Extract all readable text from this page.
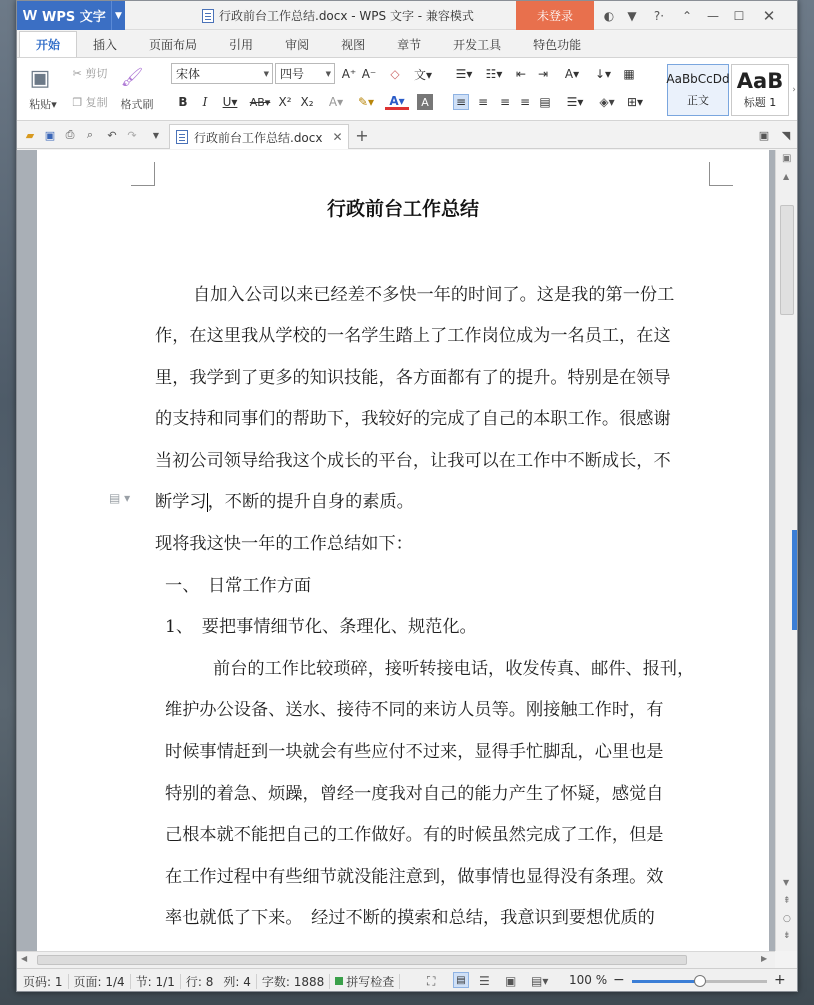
W WPS 文字	▼	行政前台工作总结.docx - WPS 文字 - 兼容模式	未登录	◐	▼	?·	⌃	—	☐	✕
开始	插入	页面布局	引用	审阅	视图	章节	开发工具	特色功能
▣
粘贴 ▾
✂ 剪切
❐ 复制
🖌
格式刷
宋体	▼ 四号	▼ A⁺ A⁻ ◇ 文▾
B	I	U▾	AB▾ X² X₂	A▾	✎▾	A▾	A
☰▾	☷▾	⇤ ⇥	A▾	↓▾ ▦
≡ ≡ ≡ ≡ ▤	☰▾	◈▾	⊞▾
AaBbCcDd
正文
AaB
标题 1
›
▰ ▣ ⎙	⌕	↶ ↷	▼	行政前台工作总结.docx ✕ +	▣ ◥
行政前台工作总结
自加入公司以来已经差不多快一年的时间了。这是我的第一份工
作，在这里我从学校的一名学生踏上了工作岗位成为一名员工，在这
里，我学到了更多的知识技能，各方面都有了的提升。特别是在领导
的支持和同事们的帮助下，我较好的完成了自己的本职工作。很感谢
当初公司领导给我这个成长的平台，让我可以在工作中不断成长，不
断学习，不断的提升自身的素质。
现将我这快一年的工作总结如下：
一、　日常工作方面
1、　要把事情细节化、条理化、规范化。
前台的工作比较琐碎，接听转接电话，收发传真、邮件、报刊，
维护办公设备、送水、接待不同的来访人员等。刚接触工作时，有
时候事情赶到一块就会有些应付不过来，显得手忙脚乱，心里也是
特别的着急、烦躁，曾经一度我对自己的能力产生了怀疑，感觉自
己根本就不能把自己的工作做好。有的时候虽然完成了工作，但是
在工作过程中有些细节就没能注意到，做事情也显得没有条理。效
率也就低了下来。　经过不断的摸索和总结，我意识到要想优质的
▤ ▾
▣
▲
▼
⇞
○
⇟
◀	▶
页码: 1 页面: 1/4 节: 1/1 行: 8 列: 4 字数: 1888	拼写检查	⛶	▤ ☰ ▣ ▤▾ 100 % −	+
